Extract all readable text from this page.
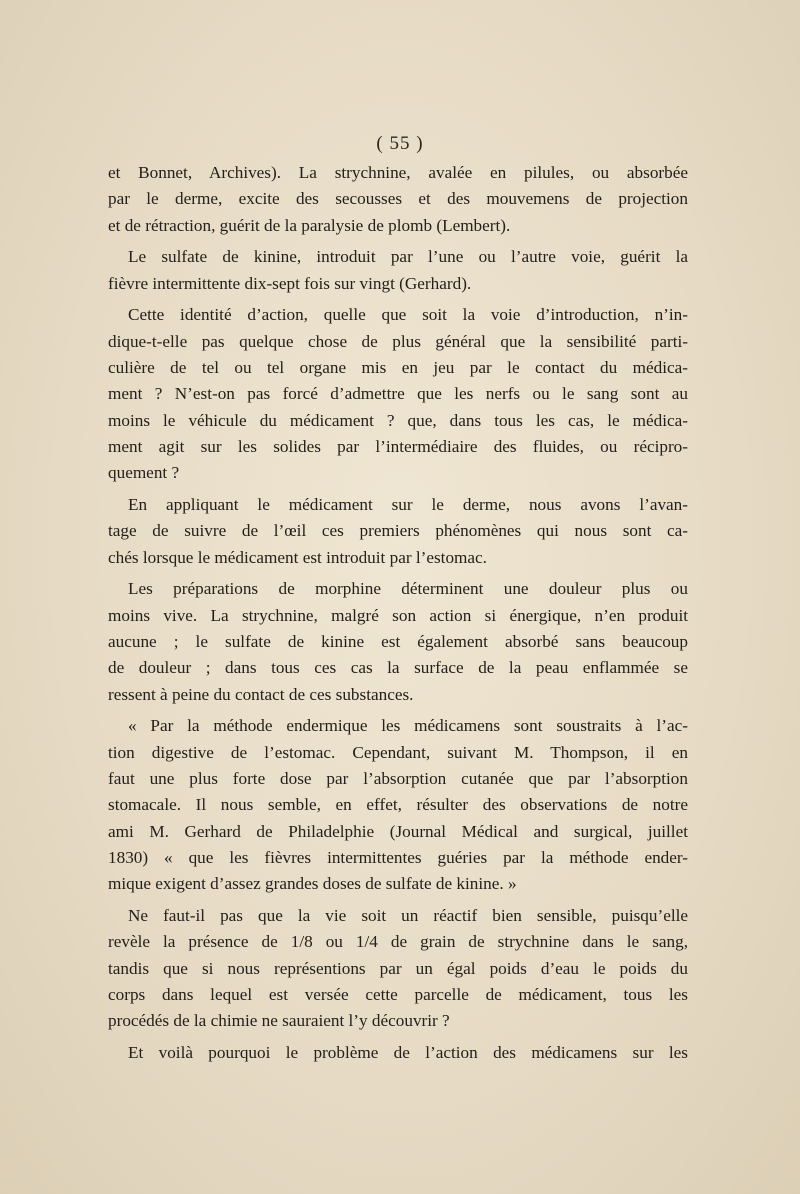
( 55 )

et Bonnet, Archives). La strychnine, avalée en pilules, ou absorbée
par le derme, excite des secousses et des mouvemens de projection
et de rétraction, guérit de la paralysie de plomb (Lembert).

Le sulfate de kinine, introduit par l’une ou l’autre voie, guérit la
fièvre intermittente dix-sept fois sur vingt (Gerhard).

Cette identité d’action, quelle que soit la voie d’introduction, n’in-
dique-t-elle pas quelque chose de plus général que la sensibilité parti-
culière de tel ou tel organe mis en jeu par le contact du médica-
ment ? N’est-on pas forcé d’admettre que les nerfs ou le sang sont au
moins le véhicule du médicament ? que, dans tous les cas, le médica-
ment agit sur les solides par l’intermédiaire des fluides, ou récipro-
quement ?

En appliquant le médicament sur le derme, nous avons l’avan-
tage de suivre de l’œil ces premiers phénomènes qui nous sont ca-
chés lorsque le médicament est introduit par l’estomac.

Les préparations de morphine déterminent une douleur plus ou
moins vive. La strychnine, malgré son action si énergique, n’en produit
aucune ; le sulfate de kinine est également absorbé sans beaucoup
de douleur ; dans tous ces cas la surface de la peau enflammée se
ressent à peine du contact de ces substances.

« Par la méthode endermique les médicamens sont soustraits à l’ac-
tion digestive de l’estomac. Cependant, suivant M. Thompson, il en
faut une plus forte dose par l’absorption cutanée que par l’absorption
stomacale. Il nous semble, en effet, résulter des observations de notre
ami M. Gerhard de Philadelphie (Journal Médical and surgical, juillet
1830) « que les fièvres intermittentes guéries par la méthode ender-
mique exigent d’assez grandes doses de sulfate de kinine. »

Ne faut-il pas que la vie soit un réactif bien sensible, puisqu’elle
revèle la présence de 1/8 ou 1/4 de grain de strychnine dans le sang,
tandis que si nous représentions par un égal poids d’eau le poids du
corps dans lequel est versée cette parcelle de médicament, tous les
procédés de la chimie ne sauraient l’y découvrir ?

Et voilà pourquoi le problème de l’action des médicamens sur les
